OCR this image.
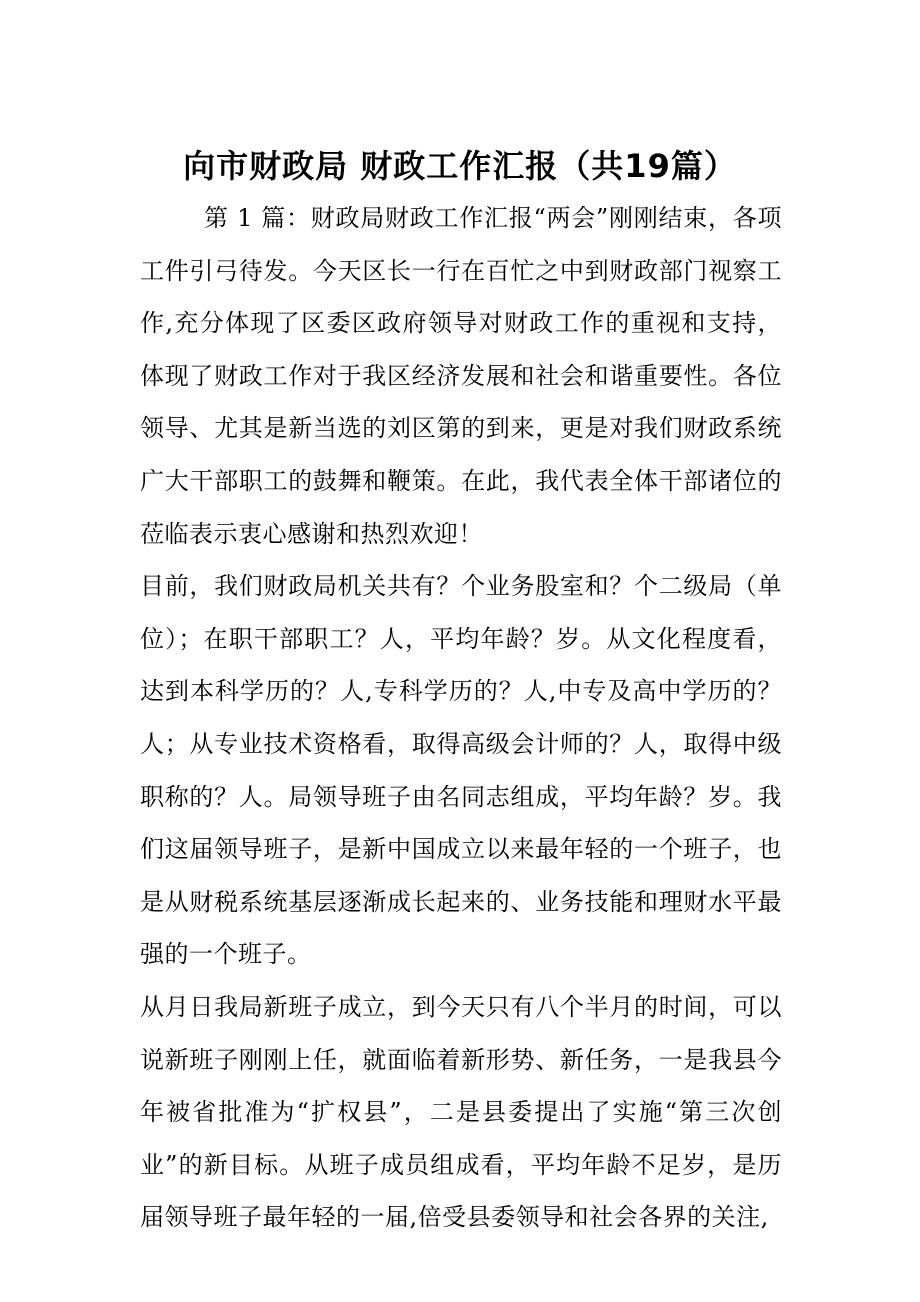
向市财政局 财政工作汇报（共19篇）

第 1 篇：财政局财政工作汇报“两会”刚刚结束，各项工件引弓待发。今天区长一行在百忙之中到财政部门视察工作,充分体现了区委区政府领导对财政工作的重视和支持，体现了财政工作对于我区经济发展和社会和谐重要性。各位领导、尤其是新当选的刘区第的到来，更是对我们财政系统广大干部职工的鼓舞和鞭策。在此，我代表全体干部诸位的莅临表示衷心感谢和热烈欢迎！

目前，我们财政局机关共有？个业务股室和？个二级局（单位）；在职干部职工？人，平均年龄？岁。从文化程度看，达到本科学历的？人,专科学历的？人,中专及高中学历的？人；从专业技术资格看，取得高级会计师的？人，取得中级职称的？人。局领导班子由名同志组成，平均年龄？岁。我们这届领导班子，是新中国成立以来最年轻的一个班子，也是从财税系统基层逐渐成长起来的、业务技能和理财水平最强的一个班子。

从月日我局新班子成立，到今天只有八个半月的时间，可以说新班子刚刚上任，就面临着新形势、新任务，一是我县今年被省批准为“扩权县”，二是县委提出了实施“第三次创业”的新目标。从班子成员组成看，平均年龄不足岁，是历届领导班子最年轻的一届,倍受县委领导和社会各界的关注,
